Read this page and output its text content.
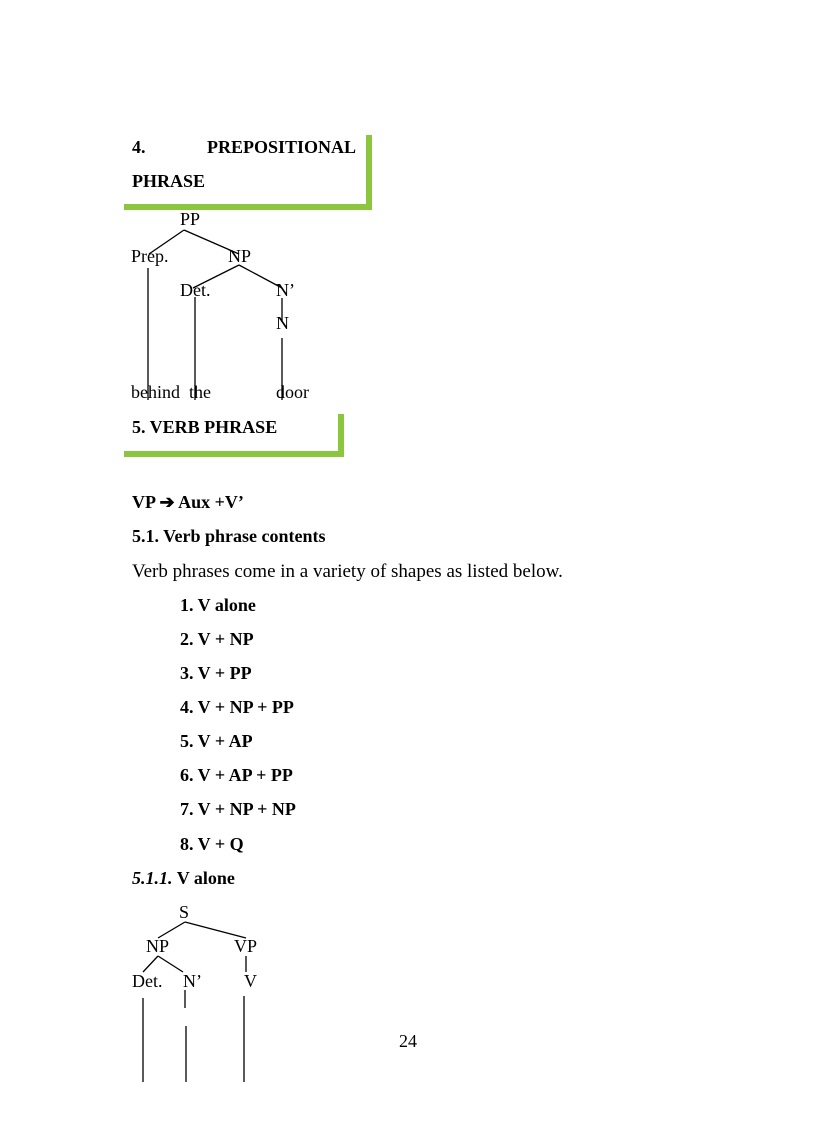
4.	PREPOSITIONAL
PHRASE
PP
Prep.	NP
Det.	N’
N
behind the	door
5. VERB PHRASE
VP ➔ Aux +V’
5.1. Verb phrase contents
Verb phrases come in a variety of shapes as listed below.
1. V alone
2. V + NP
3. V + PP
4. V + NP + PP
5. V + AP
6. V + AP + PP
7. V + NP + NP
8. V + Q
5.1.1. V alone
S
NP	VP
Det. N’ V
24
